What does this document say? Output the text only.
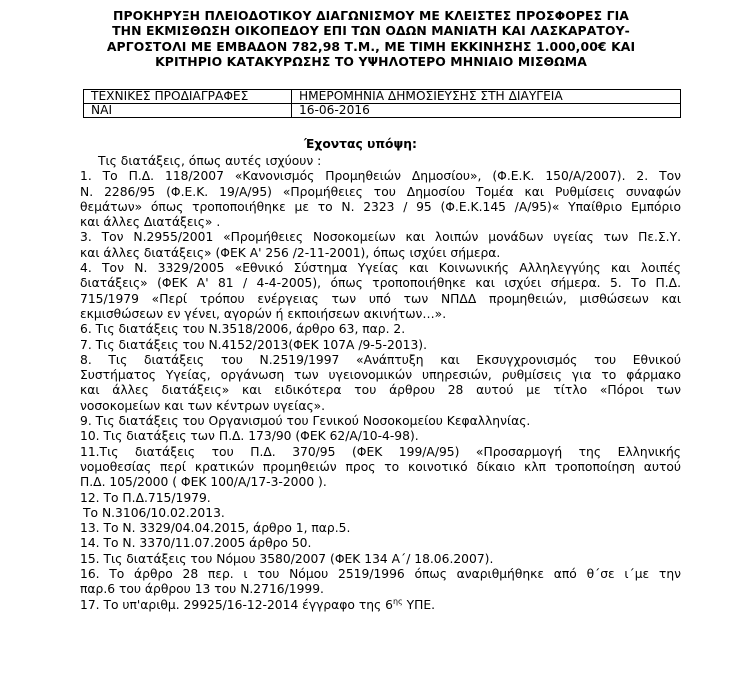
ΠΡΟΚΗΡΥΞΗ ΠΛΕΙΟΔΟΤΙΚΟΥ ΔΙΑΓΩΝΙΣΜΟΥ ΜΕ ΚΛΕΙΣΤΕΣ ΠΡΟΣΦΟΡΕΣ ΓΙΑ
ΤΗΝ ΕΚΜΙΣΘΩΣΗ ΟΙΚΟΠΕΔΟΥ ΕΠΙ ΤΩΝ ΟΔΩΝ ΜΑΝΙΑΤΗ ΚΑΙ ΛΑΣΚΑΡΑΤΟΥ-
ΑΡΓΟΣΤΟΛΙ ΜΕ ΕΜΒΑΔΟΝ 782,98 Τ.Μ., ΜΕ ΤΙΜΗ ΕΚΚΙΝΗΣΗΣ 1.000,00€ ΚΑΙ
ΚΡΙΤΗΡΙΟ ΚΑΤΑΚΥΡΩΣΗΣ ΤΟ ΥΨΗΛΟΤΕΡΟ ΜΗΝΙΑΙΟ ΜΙΣΘΩΜΑ
ΤΕΧΝΙΚΕΣ ΠΡΟΔΙΑΓΡΑΦΕΣ	ΗΜΕΡΟΜΗΝΙΑ ΔΗΜΟΣΙΕΥΣΗΣ ΣΤΗ ΔΙΑΥΓΕΙΑ
ΝΑΙ	16-06-2016
Έχοντας υπόψη:
Τις διατάξεις, όπως αυτές ισχύουν :
1. Το Π.Δ. 118/2007 «Κανονισμός Προμηθειών Δημοσίου», (Φ.Ε.Κ. 150/Α/2007). 2. Τον
Ν. 2286/95 (Φ.Ε.Κ. 19/Α/95) «Προμήθειες του Δημοσίου Τομέα και Ρυθμίσεις συναφών
θεμάτων» όπως τροποποιήθηκε με το Ν. 2323 / 95 (Φ.Ε.Κ.145 /Α/95)« Υπαίθριο Εμπόριο
και άλλες Διατάξεις» .
3. Τον Ν.2955/2001 «Προμήθειες Νοσοκομείων και λοιπών μονάδων υγείας των Πε.Σ.Υ.
και άλλες διατάξεις» (ΦΕΚ Α' 256 /2-11-2001), όπως ισχύει σήμερα.
4. Τον Ν. 3329/2005 «Εθνικό Σύστημα Υγείας και Κοινωνικής Αλληλεγγύης και λοιπές
διατάξεις» (ΦΕΚ Α' 81 / 4-4-2005), όπως τροποποιήθηκε και ισχύει σήμερα. 5. Το Π.Δ.
715/1979 «Περί τρόπου ενέργειας των υπό των ΝΠΔΔ προμηθειών, μισθώσεων και
εκμισθώσεων εν γένει, αγορών ή εκποιήσεων ακινήτων…».
6. Τις διατάξεις του Ν.3518/2006, άρθρο 63, παρ. 2.
7. Τις διατάξεις του Ν.4152/2013(ΦΕΚ 107Α /9-5-2013).
8. Τις διατάξεις του Ν.2519/1997 «Ανάπτυξη και Εκσυγχρονισμός του Εθνικού
Συστήματος Υγείας, οργάνωση των υγειονομικών υπηρεσιών, ρυθμίσεις για το φάρμακο
και άλλες διατάξεις» και ειδικότερα του άρθρου 28 αυτού με τίτλο «Πόροι των
νοσοκομείων και των κέντρων υγείας».
9. Τις διατάξεις του Οργανισμού του Γενικού Νοσοκομείου Κεφαλληνίας.
10. Τις διατάξεις των Π.Δ. 173/90 (ΦΕΚ 62/Α/10-4-98).
11.Τις διατάξεις του Π.Δ. 370/95 (ΦΕΚ 199/Α/95) «Προσαρμογή της Ελληνικής
νομοθεσίας περί κρατικών προμηθειών προς το κοινοτικό δίκαιο κλπ τροποποίηση αυτού
Π.Δ. 105/2000 ( ΦΕΚ 100/Α/17-3-2000 ).
12. Το Π.Δ.715/1979.
Το Ν.3106/10.02.2013.
13. Το Ν. 3329/04.04.2015, άρθρο 1, παρ.5.
14. Το Ν. 3370/11.07.2005 άρθρο 50.
15. Τις διατάξεις του Νόμου 3580/2007 (ΦΕΚ 134 Α΄/ 18.06.2007).
16. Το άρθρο 28 περ. ι του Νόμου 2519/1996 όπως αναριθμήθηκε από θ΄σε ι΄με την
παρ.6 του άρθρου 13 του Ν.2716/1999.
17. Το υπ'αριθμ. 29925/16-12-2014 έγγραφο της $6^{\eta\varsigma}$ ΥΠΕ.
